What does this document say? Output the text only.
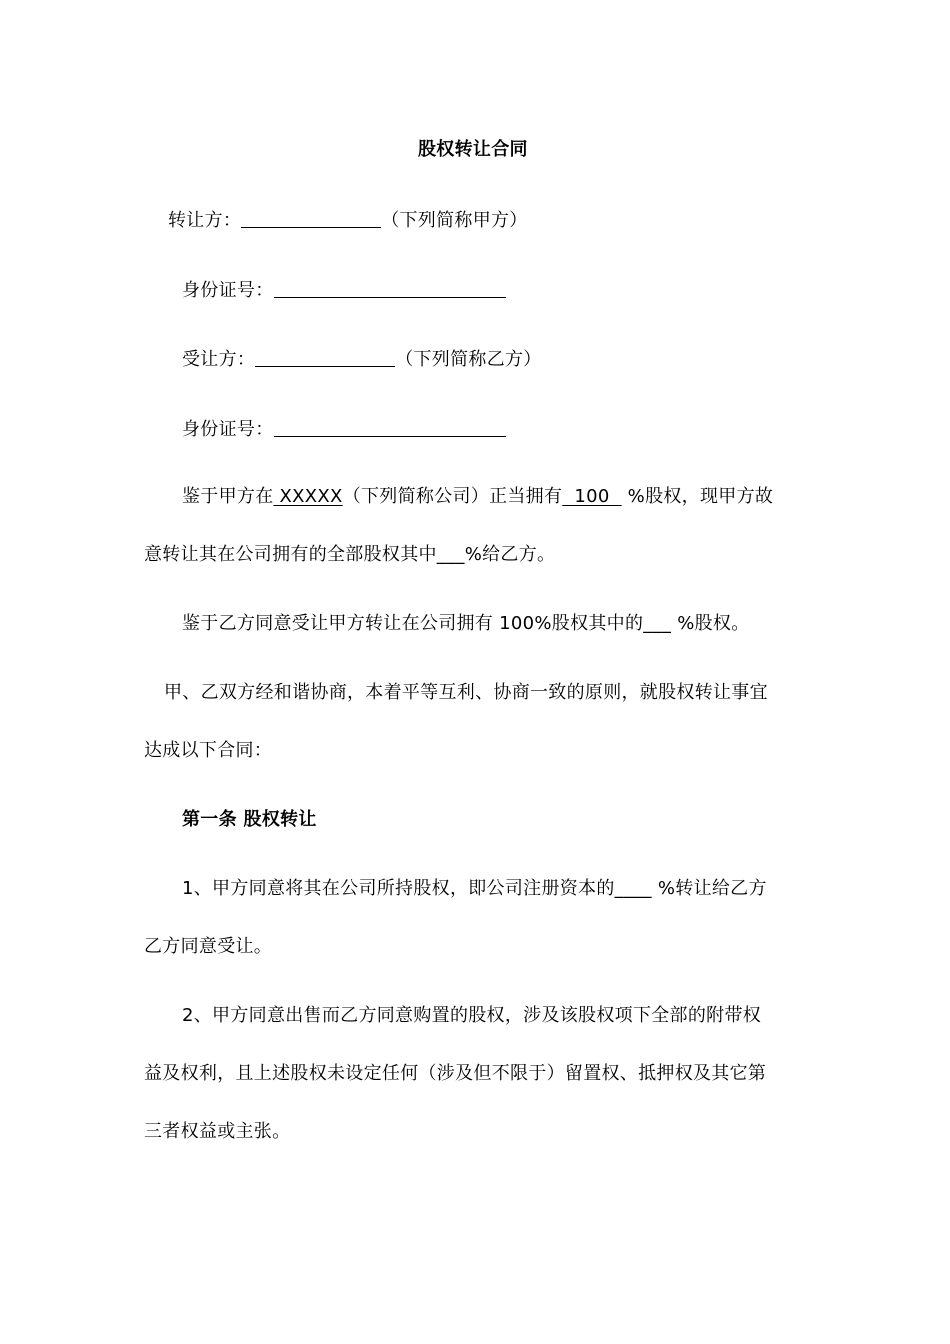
股权转让合同
转让方：	（下列简称甲方）
身份证号：
受让方：	（下列简称乙方）
身份证号：
鉴于甲方在 XXXXX（下列简称公司）正当拥有  100   %股权，现甲方故
意转让其在公司拥有的全部股权其中___%给乙方。
鉴于乙方同意受让甲方转让在公司拥有 100%股权其中的___ %股权。
甲、乙双方经和谐协商，本着平等互利、协商一致的原则，就股权转让事宜
达成以下合同：
第一条 股权转让
1、甲方同意将其在公司所持股权，即公司注册资本的____ %转让给乙方
乙方同意受让。
2、甲方同意出售而乙方同意购置的股权，涉及该股权项下全部的附带权
益及权利，且上述股权未设定任何（涉及但不限于）留置权、抵押权及其它第
三者权益或主张。
